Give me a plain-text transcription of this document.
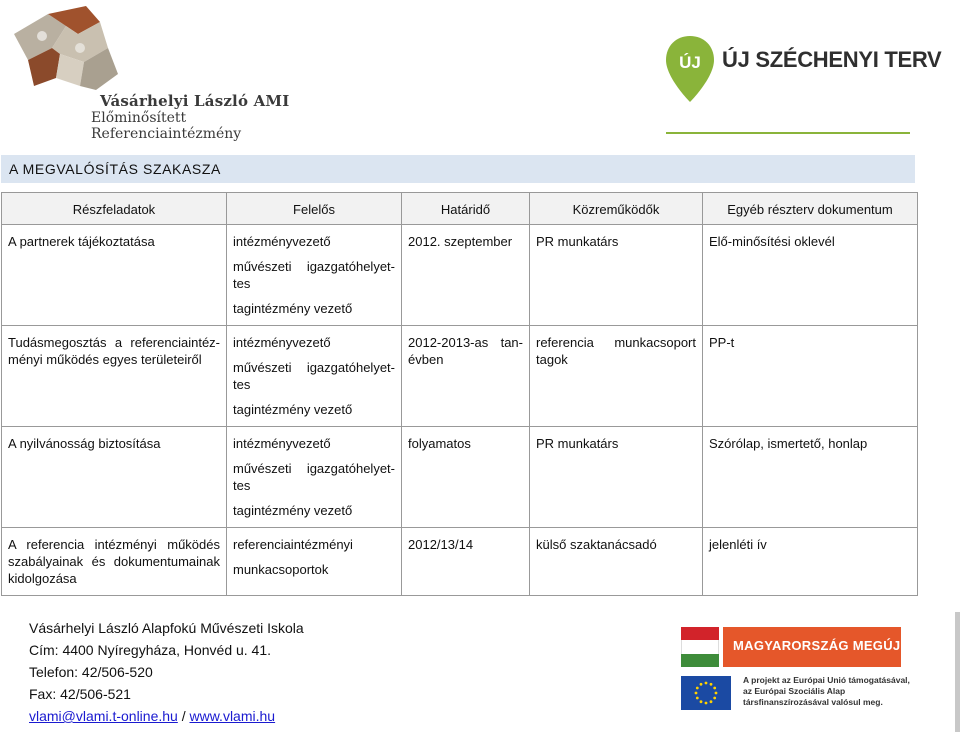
Vásárhelyi László AMI
Előminősített Referenciaintézmény
ÚJ ÚJ SZÉCHENYI TERV
A MEGVALÓSÍTÁS SZAKASZA
Részfeladatok	Felelős	Határidő	Közreműködők	Egyéb részterv dokumentum
A partnerek tájékoztatása	intézményvezető
művészeti igazgatóhelyet-tes
tagintézmény vezető	2012. szeptember	PR munkatárs	Elő-minősítési oklevél
Tudásmegosztás a referenciaintéz-ményi működés egyes területeiről	intézményvezető
művészeti igazgatóhelyet-tes
tagintézmény vezető	2012-2013-as tan-évben	referencia munkacsoport tagok	PP-t
A nyilvánosság biztosítása	intézményvezető
művészeti igazgatóhelyet-tes
tagintézmény vezető	folyamatos	PR munkatárs	Szórólap, ismertető, honlap
A referencia intézményi működés szabályainak és dokumentumainak kidolgozása	referenciaintézményi
munkacsoportok	2012/13/14	külső szaktanácsadó	jelenléti ív
Vásárhelyi László Alapfokú Művészeti Iskola
Cím: 4400 Nyíregyháza, Honvéd u. 41.
Telefon: 42/506-520
Fax: 42/506-521
vlami@vlami.t-online.hu / www.vlami.hu
MAGYARORSZÁG MEGÚJUL
A projekt az Európai Unió támogatásával,
az Európai Szociális Alap
társfinanszírozásával valósul meg.
